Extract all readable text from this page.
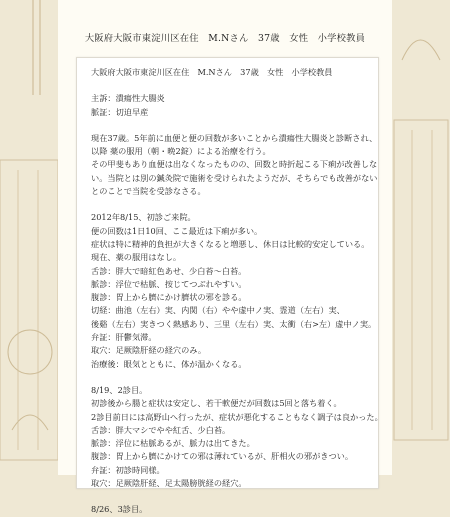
大阪府大阪市東淀川区在住　M.Nさん　37歳　女性　小学校教員
大阪府大阪市東淀川区在住　M.Nさん　37歳　女性　小学校教員
主訴：潰瘍性大腸炎
脈証：切迫早産
現在37歳。5年前に血便と便の回数が多いことから潰瘍性大腸炎と診断され、
以降 薬の服用（朝・晩2錠）による治療を行う。
その甲斐もあり血便は出なくなったものの、回数と時折起こる下痢が改善しな
い。当院とは別の鍼灸院で施術を受けられたようだが、そちらでも改善がない
とのことで当院を受診なさる。
2012年8/15、初診ご来院。
便の回数は1日10回、ここ最近は下痢が多い。
症状は特に精神的負担が大きくなると増悪し、休日は比較的安定している。
現在、薬の服用はなし。
舌診：胖大で暗紅色あせ、少白苔～白苔。
脈診：浮位で枯脈、按じてつぶれやすい。
腹診：胃上から臍にかけ臍状の邪を診る。
切経：曲池（左右）実、内関（右）やや虚中ノ実、霊道（左右）実、
後谿（左右）実きつく熱感あり、三里（左右）実、太衝（右>左）虚中ノ実。
弁証：肝鬱気滞。
取穴：足厥陰肝経の経穴のみ。
治療後：眼気とともに、体が温かくなる。
8/19、2診目。
初診後から腸と症状は安定し、若干軟便だが回数は5回と落ち着く。
2診目前日には高野山へ行ったが、症状が悪化することもなく調子は良かった。
舌診：胖大マシでやや紅舌、少白苔。
脈診：浮位に枯脈あるが、脈力は出てきた。
腹診：胃上から臍にかけての邪は薄れているが、肝相火の邪がきつい。
弁証：初診時同様。
取穴：足厥陰肝経、足太陽膀胱経の経穴。
8/26、3診目。
